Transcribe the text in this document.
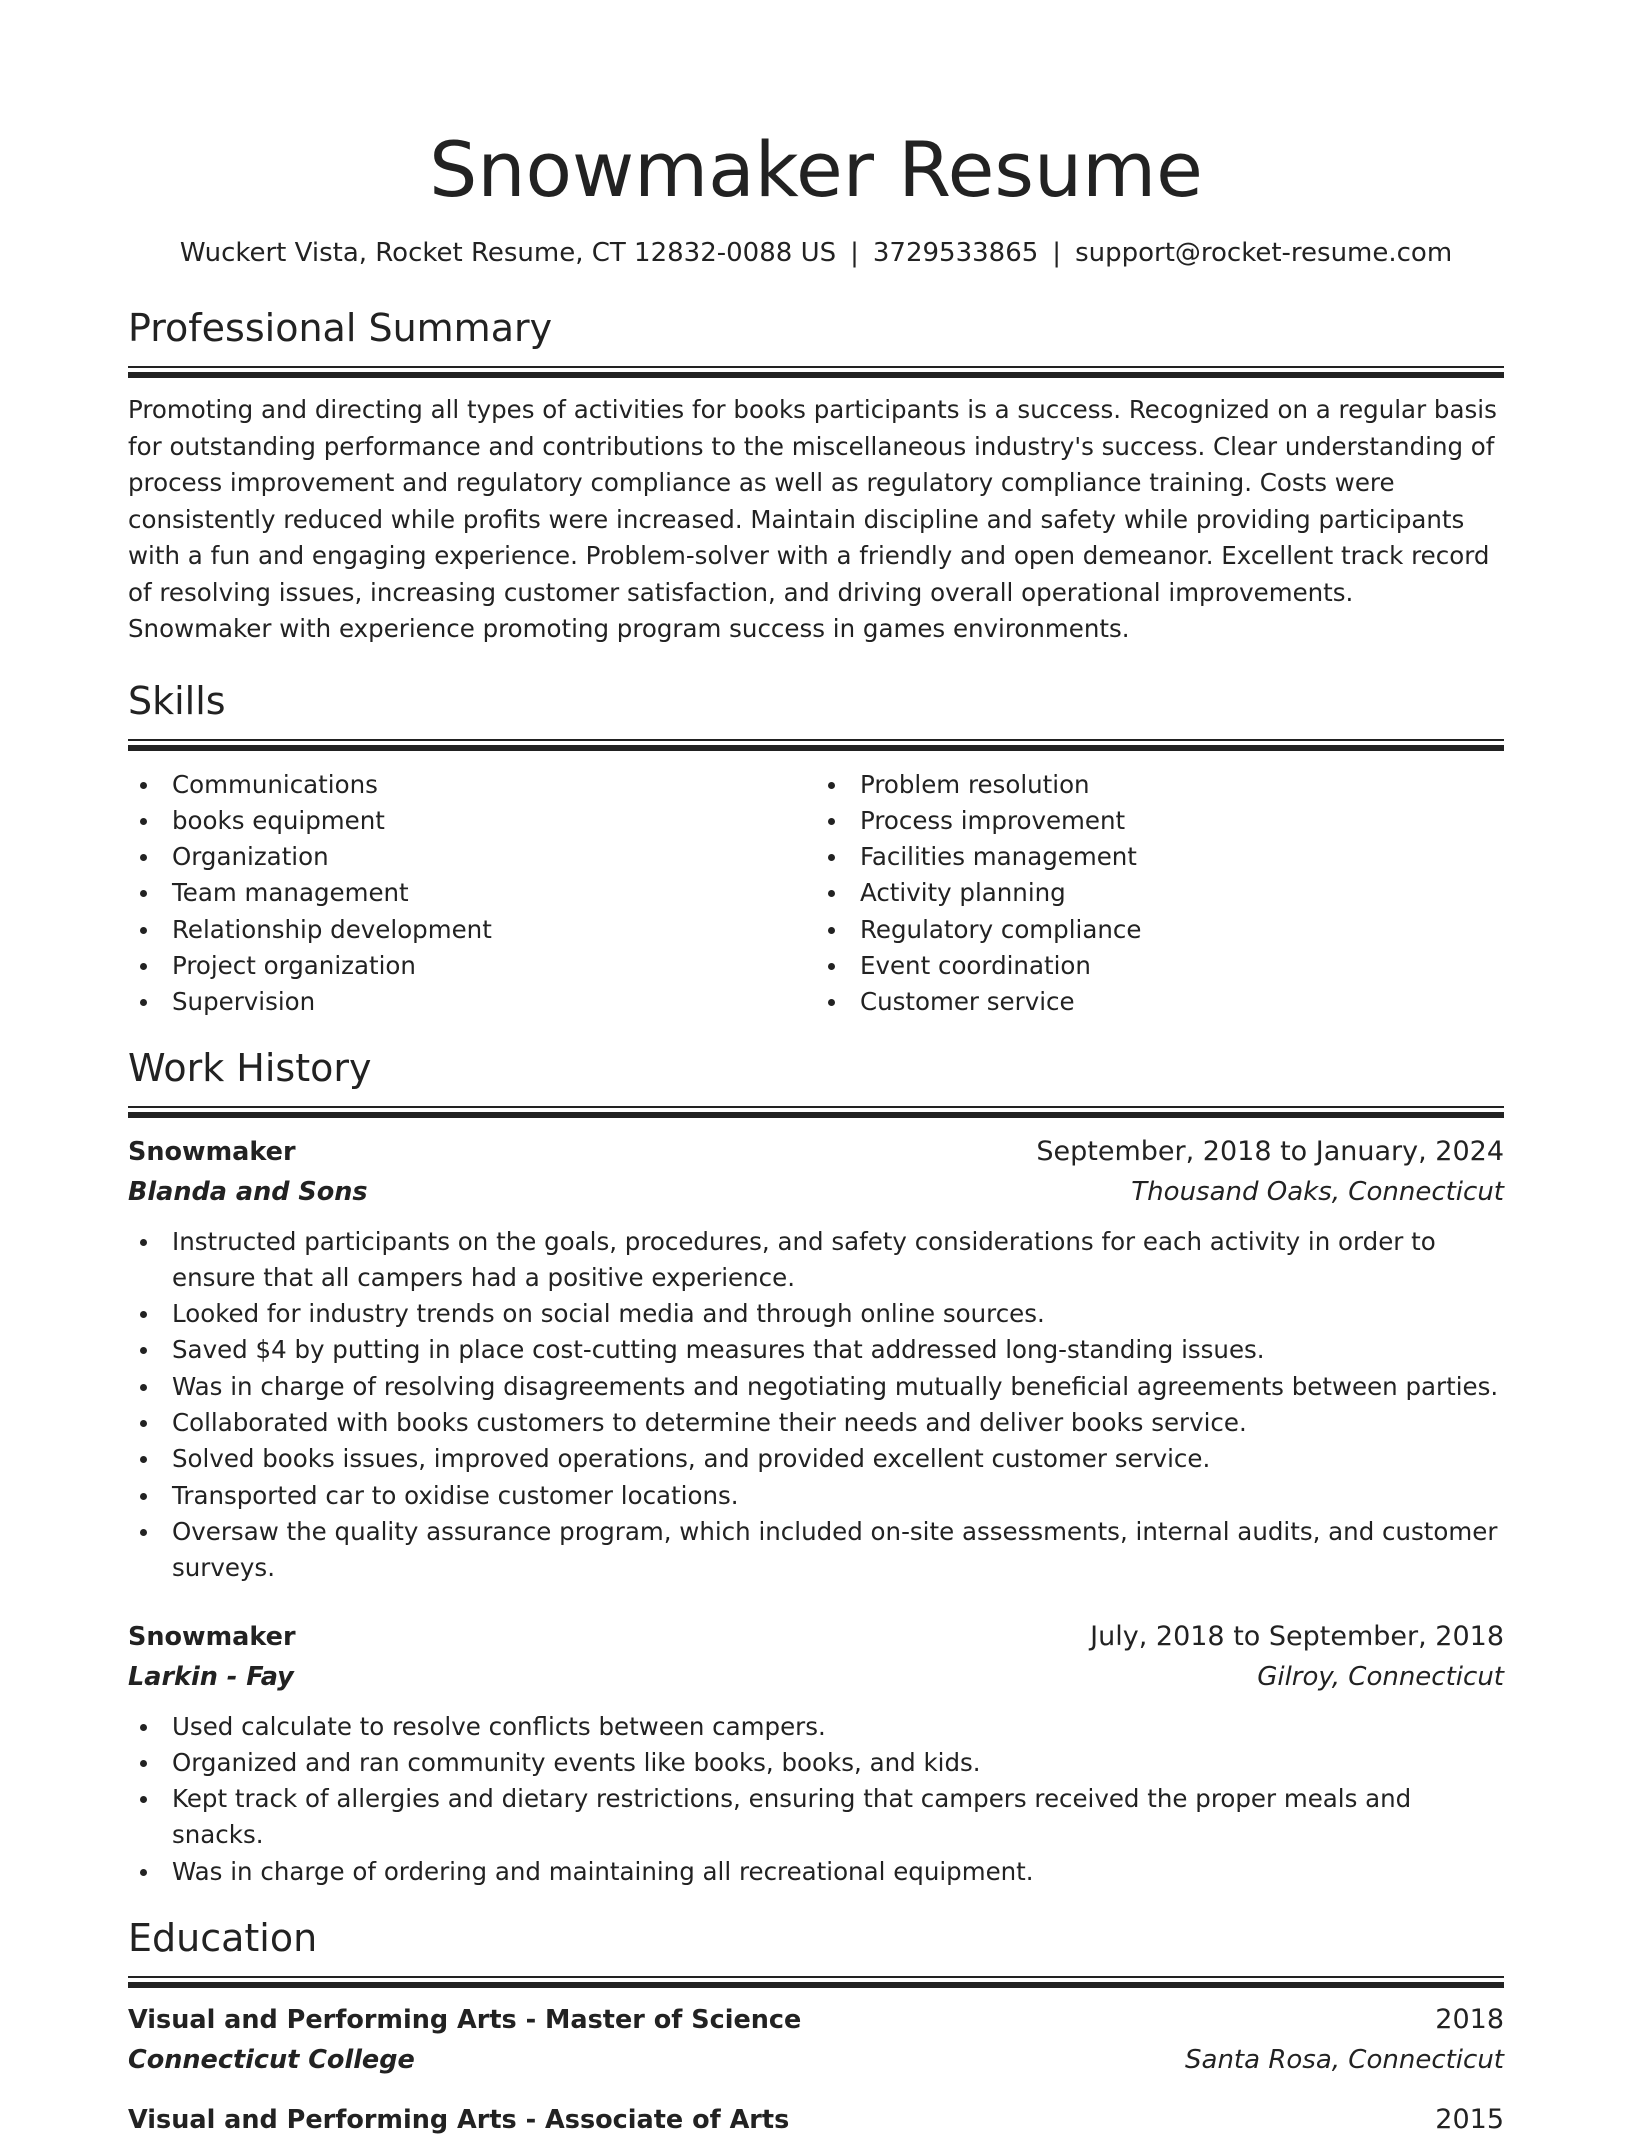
Snowmaker Resume
Wuckert Vista, Rocket Resume, CT 12832-0088 US | 3729533865 | support@rocket-resume.com
Professional Summary

Promoting and directing all types of activities for books participants is a success. Recognized on a regular basis for outstanding performance and contributions to the miscellaneous industry's success. Clear understanding of process improvement and regulatory compliance as well as regulatory compliance training. Costs were consistently reduced while profits were increased. Maintain discipline and safety while providing participants with a fun and engaging experience. Problem-solver with a friendly and open demeanor. Excellent track record of resolving issues, increasing customer satisfaction, and driving overall operational improvements. Snowmaker with experience promoting program success in games environments.

Skills
Communications
books equipment
Organization
Team management
Relationship development
Project organization
Supervision
Problem resolution
Process improvement
Facilities management
Activity planning
Regulatory compliance
Event coordination
Customer service
Work History
Snowmaker	September, 2018 to January, 2024
Blanda and Sons	Thousand Oaks, Connecticut
Instructed participants on the goals, procedures, and safety considerations for each activity in order to ensure that all campers had a positive experience.
Looked for industry trends on social media and through online sources.
Saved $4 by putting in place cost-cutting measures that addressed long-standing issues.
Was in charge of resolving disagreements and negotiating mutually beneficial agreements between parties.
Collaborated with books customers to determine their needs and deliver books service.
Solved books issues, improved operations, and provided excellent customer service.
Transported car to oxidise customer locations.
Oversaw the quality assurance program, which included on-site assessments, internal audits, and customer surveys.
Snowmaker	July, 2018 to September, 2018
Larkin - Fay	Gilroy, Connecticut
Used calculate to resolve conflicts between campers.
Organized and ran community events like books, books, and kids.
Kept track of allergies and dietary restrictions, ensuring that campers received the proper meals and snacks.
Was in charge of ordering and maintaining all recreational equipment.
Education
Visual and Performing Arts - Master of Science	2018
Connecticut College	Santa Rosa, Connecticut
Visual and Performing Arts - Associate of Arts	2015
